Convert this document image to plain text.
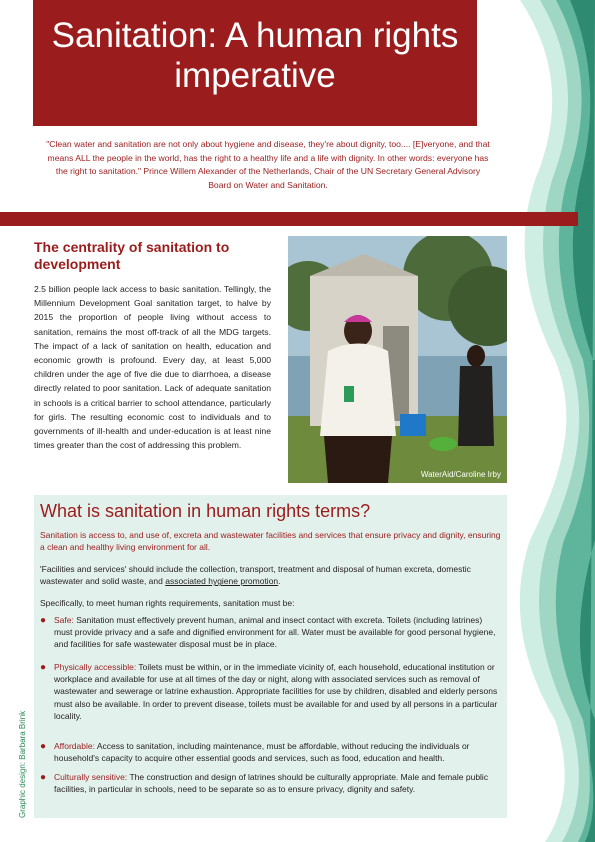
Sanitation: A human rights imperative
"Clean water and sanitation are not only about hygiene and disease, they're about dignity, too.... [E]veryone, and that means ALL the people in the world, has the right to a healthy life and a life with dignity. In other words: everyone has the right to sanitation." Prince Willem Alexander of the Netherlands, Chair of the UN Secretary General Advisory Board on Water and Sanitation.
The centrality of sanitation to development
2.5 billion people lack access to basic sanitation. Tellingly, the Millennium Development Goal sanitation target, to halve by 2015 the proportion of people living without access to sanitation, remains the most off-track of all the MDG targets. The impact of a lack of sanitation on health, education and economic growth is profound. Every day, at least 5,000 children under the age of five die due to diarrhoea, a disease directly related to poor sanitation. Lack of adequate sanitation in schools is a critical barrier to school attendance, particularly for girls. The resulting economic cost to individuals and to governments of ill-health and under-education is at least nine times greater than the cost of addressing this problem.
WaterAid/Caroline Irby
What is sanitation in human rights terms?
Sanitation is access to, and use of, excreta and wastewater facilities and services that ensure privacy and dignity, ensuring a clean and healthy living environment for all.
'Facilities and services' should include the collection, transport, treatment and disposal of human excreta, domestic wastewater and solid waste, and associated hygiene promotion.
Specifically, to meet human rights requirements, sanitation must be:
● Safe: Sanitation must effectively prevent human, animal and insect contact with excreta. Toilets (including latrines) must provide privacy and a safe and dignified environment for all. Water must be available for good personal hygiene, and facilities for safe wastewater disposal must be in place.
● Physically accessible: Toilets must be within, or in the immediate vicinity of, each household, educational institution or workplace and available for use at all times of the day or night, along with associated services such as removal of wastewater and sewerage or latrine exhaustion. Appropriate facilities for use by children, disabled and elderly persons must also be available. In order to prevent disease, toilets must be available for and used by all persons in a particular locality.
● Affordable: Access to sanitation, including maintenance, must be affordable, without reducing the individuals or household's capacity to acquire other essential goods and services, such as food, education and health.
● Culturally sensitive: The construction and design of latrines should be culturally appropriate. Male and female public facilities, in particular in schools, need to be separate so as to ensure privacy, dignity and safety.
Graphic design: Barbara Brink
